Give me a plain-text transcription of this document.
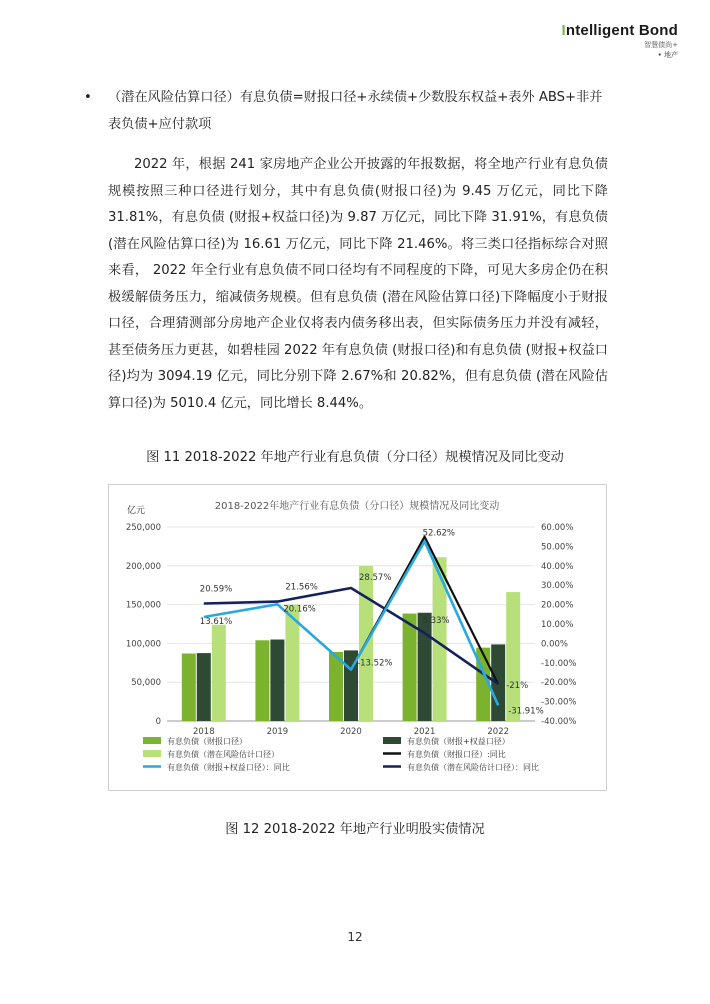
Intelligent Bond
智慧债尚+
• 地产
• （潜在风险估算口径）有息负债=财报口径+永续债+少数股东权益+表外 ABS+非并表负债+应付款项
2022 年，根据 241 家房地产企业公开披露的年报数据，将全地产行业有息负债规模按照三种口径进行划分，其中有息负债(财报口径)为 9.45 万亿元，同比下降 31.81%，有息负债 (财报+权益口径)为 9.87 万亿元，同比下降 31.91%，有息负债 (潜在风险估算口径)为 16.61 万亿元，同比下降 21.46%。将三类口径指标综合对照来看， 2022 年全行业有息负债不同口径均有不同程度的下降，可见大多房企仍在积极缓解债务压力，缩减债务规模。但有息负债 (潜在风险估算口径)下降幅度小于财报口径，合理猜测部分房地产企业仅将表内债务移出表，但实际债务压力并没有减轻，甚至债务压力更甚，如碧桂园 2022 年有息负债 (财报口径)和有息负债 (财报+权益口径)均为 3094.19 亿元，同比分别下降 2.67%和 20.82%，但有息负债 (潜在风险估算口径)为 5010.4 亿元，同比增长 8.44%。
图 11 2018-2022 年地产行业有息负债（分口径）规模情况及同比变动
2018-2022年地产行业有息负债（分口径）规模情况及同比变动
亿元
0
50,000
100,000
150,000
200,000
250,000
-40.00%
-30.00%
-20.00%
-10.00%
0.00%
10.00%
20.00%
30.00%
40.00%
50.00%
60.00%
20.59%
13.61%
21.56%
20.16%
28.57%
-13.52%
52.62%
5.33%
-21%
-31.91%
2018	2019	2020	2021	2022
有息负债（财报口径）	有息负债（财报+权益口径）
有息负债（潜在风险估计口径）	有息负债（财报口径）:同比
有息负债（财报+权益口径）：同比	有息负债（潜在风险估计口径）：同比
图 12 2018-2022 年地产行业明股实债情况
12
